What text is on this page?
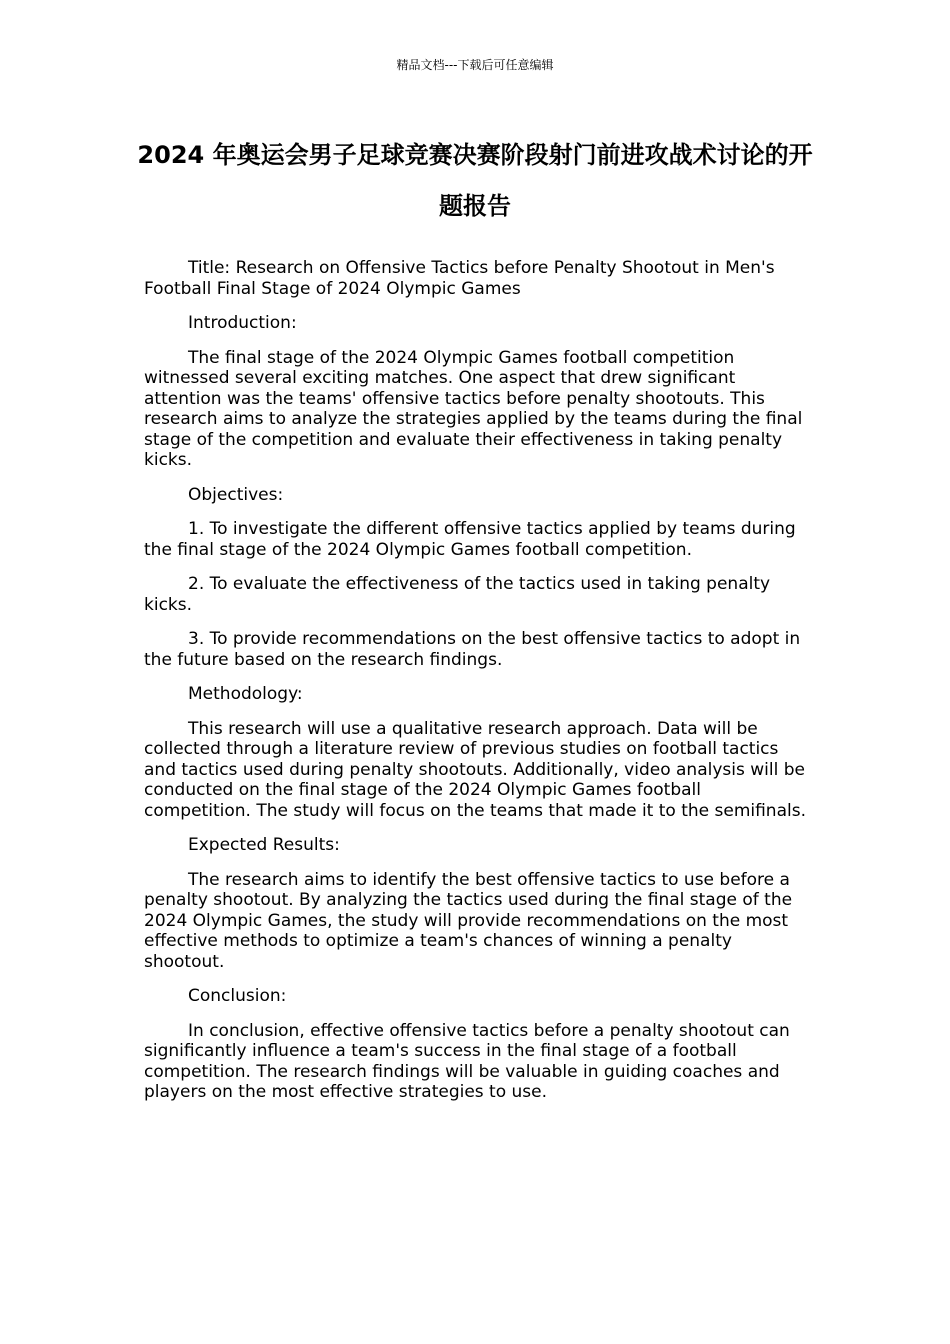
精品文档---下载后可任意编辑
2024 年奥运会男子足球竞赛决赛阶段射门前进攻战术讨论的开题报告

Title: Research on Offensive Tactics before Penalty Shootout in Men's Football Final Stage of 2024 Olympic Games

Introduction:

The final stage of the 2024 Olympic Games football competition witnessed several exciting matches. One aspect that drew significant attention was the teams' offensive tactics before penalty shootouts. This research aims to analyze the strategies applied by the teams during the final stage of the competition and evaluate their effectiveness in taking penalty kicks.

Objectives:

1. To investigate the different offensive tactics applied by teams during the final stage of the 2024 Olympic Games football competition.

2. To evaluate the effectiveness of the tactics used in taking penalty kicks.

3. To provide recommendations on the best offensive tactics to adopt in the future based on the research findings.

Methodology:

This research will use a qualitative research approach. Data will be collected through a literature review of previous studies on football tactics and tactics used during penalty shootouts. Additionally, video analysis will be conducted on the final stage of the 2024 Olympic Games football competition. The study will focus on the teams that made it to the semifinals.

Expected Results:

The research aims to identify the best offensive tactics to use before a penalty shootout. By analyzing the tactics used during the final stage of the 2024 Olympic Games, the study will provide recommendations on the most effective methods to optimize a team's chances of winning a penalty shootout.

Conclusion:

In conclusion, effective offensive tactics before a penalty shootout can significantly influence a team's success in the final stage of a football competition. The research findings will be valuable in guiding coaches and players on the most effective strategies to use.
